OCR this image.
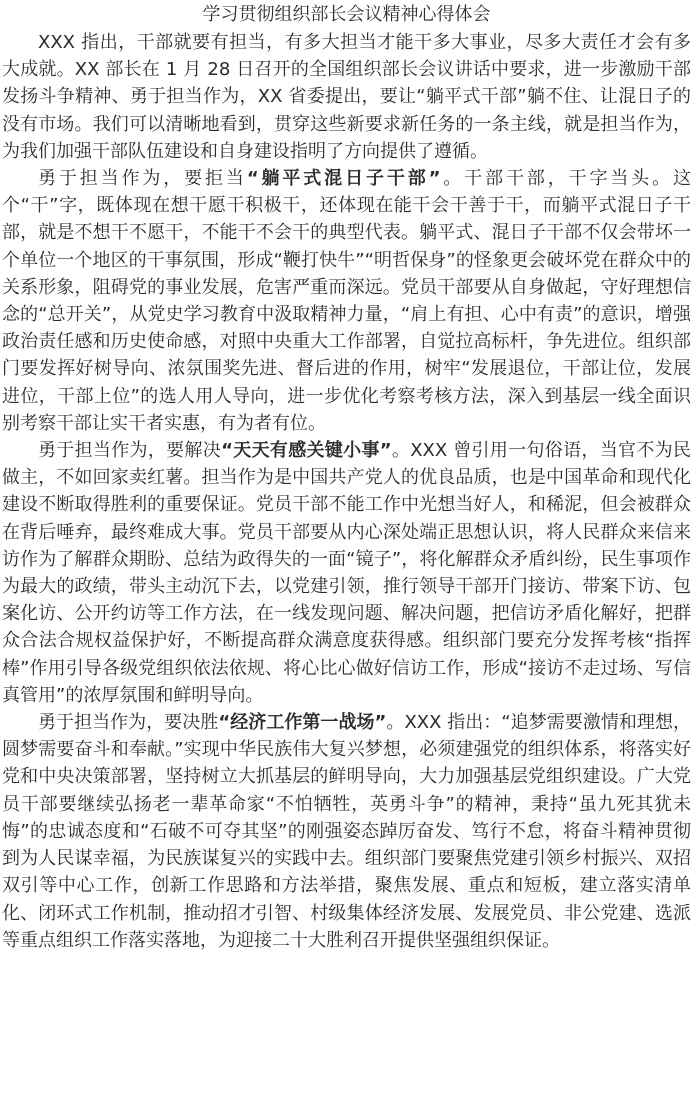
学习贯彻组织部长会议精神心得体会

XXX 指出，干部就要有担当，有多大担当才能干多大事业，尽多大责任才会有多大成就。XX 部长在 1 月 28 日召开的全国组织部长会议讲话中要求，进一步激励干部发扬斗争精神、勇于担当作为，XX 省委提出，要让“躺平式干部”躺不住、让混日子的没有市场。我们可以清晰地看到，贯穿这些新要求新任务的一条主线，就是担当作为，为我们加强干部队伍建设和自身建设指明了方向提供了遵循。

勇于担当作为，要拒当“躺平式混日子干部”。干部干部，干字当头。这个“干”字，既体现在想干愿干积极干，还体现在能干会干善于干，而躺平式混日子干部，就是不想干不愿干，不能干不会干的典型代表。躺平式、混日子干部不仅会带坏一个单位一个地区的干事氛围，形成“鞭打快牛”“明哲保身”的怪象更会破坏党在群众中的关系形象，阻碍党的事业发展，危害严重而深远。党员干部要从自身做起，守好理想信念的“总开关”，从党史学习教育中汲取精神力量，“肩上有担、心中有责”的意识，增强政治责任感和历史使命感，对照中央重大工作部署，自觉拉高标杆，争先进位。组织部门要发挥好树导向、浓氛围奖先进、督后进的作用，树牢“发展退位，干部让位，发展进位，干部上位”的选人用人导向，进一步优化考察考核方法，深入到基层一线全面识别考察干部让实干者实惠，有为者有位。

勇于担当作为，要解决“天天有感关键小事”。XXX 曾引用一句俗语，当官不为民做主，不如回家卖红薯。担当作为是中国共产党人的优良品质，也是中国革命和现代化建设不断取得胜利的重要保证。党员干部不能工作中光想当好人，和稀泥，但会被群众在背后唾弃，最终难成大事。党员干部要从内心深处端正思想认识，将人民群众来信来访作为了解群众期盼、总结为政得失的一面“镜子”，将化解群众矛盾纠纷，民生事项作为最大的政绩，带头主动沉下去，以党建引领，推行领导干部开门接访、带案下访、包案化访、公开约访等工作方法，在一线发现问题、解决问题，把信访矛盾化解好，把群众合法合规权益保护好，不断提高群众满意度获得感。组织部门要充分发挥考核“指挥棒”作用引导各级党组织依法依规、将心比心做好信访工作，形成“接访不走过场、写信真管用”的浓厚氛围和鲜明导向。

勇于担当作为，要决胜“经济工作第一战场”。XXX 指出：“追梦需要激情和理想，圆梦需要奋斗和奉献。”实现中华民族伟大复兴梦想，必须建强党的组织体系，将落实好党和中央决策部署，坚持树立大抓基层的鲜明导向，大力加强基层党组织建设。广大党员干部要继续弘扬老一辈革命家“不怕牺牲，英勇斗争”的精神，秉持“虽九死其犹未悔”的忠诚态度和“石破不可夺其坚”的刚强姿态踔厉奋发、笃行不怠，将奋斗精神贯彻到为人民谋幸福，为民族谋复兴的实践中去。组织部门要聚焦党建引领乡村振兴、双招双引等中心工作，创新工作思路和方法举措，聚焦发展、重点和短板，建立落实清单化、闭环式工作机制，推动招才引智、村级集体经济发展、发展党员、非公党建、选派等重点组织工作落实落地，为迎接二十大胜利召开提供坚强组织保证。
